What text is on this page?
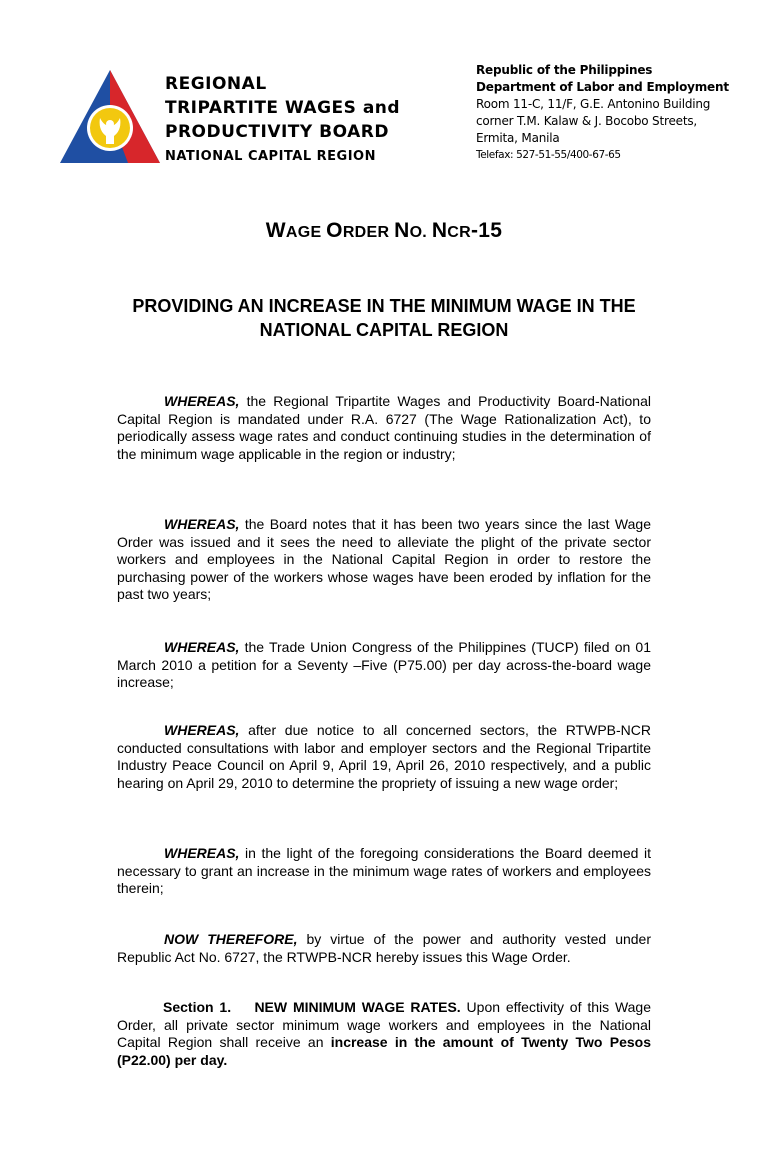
REGIONAL
TRIPARTITE WAGES and
PRODUCTIVITY BOARD
NATIONAL CAPITAL REGION
Republic of the Philippines
Department of Labor and Employment
Room 11-C, 11/F, G.E. Antonino Building
corner T.M. Kalaw & J. Bocobo Streets,
Ermita, Manila
Telefax: 527-51-55/400-67-65
WAGE ORDER NO. NCR-15
PROVIDING AN INCREASE IN THE MINIMUM WAGE IN THE NATIONAL CAPITAL REGION
WHEREAS, the Regional Tripartite Wages and Productivity Board-National Capital Region is mandated under R.A. 6727 (The Wage Rationalization Act), to periodically assess wage rates and conduct continuing studies in the determination of the minimum wage applicable in the region or industry;
WHEREAS, the Board notes that it has been two years since the last Wage Order was issued and it sees the need to alleviate the plight of the private sector workers and employees in the National Capital Region in order to restore the purchasing power of the workers whose wages have been eroded by inflation for the past two years;
WHEREAS, the Trade Union Congress of the Philippines (TUCP) filed on 01 March 2010 a petition for a Seventy –Five (P75.00) per day across-the-board wage increase;
WHEREAS, after due notice to all concerned sectors, the RTWPB-NCR conducted consultations with labor and employer sectors and the Regional Tripartite Industry Peace Council on April 9, April 19, April 26, 2010 respectively, and a public hearing on April 29, 2010 to determine the propriety of issuing a new wage order;
WHEREAS, in the light of the foregoing considerations the Board deemed it necessary to grant an increase in the minimum wage rates of workers and employees therein;
NOW THEREFORE, by virtue of the power and authority vested under Republic Act No. 6727, the RTWPB-NCR hereby issues this Wage Order.
Section 1.    NEW MINIMUM WAGE RATES. Upon effectivity of this Wage Order, all private sector minimum wage workers and employees in the National Capital Region shall receive an increase in the amount of Twenty Two Pesos (P22.00) per day.
